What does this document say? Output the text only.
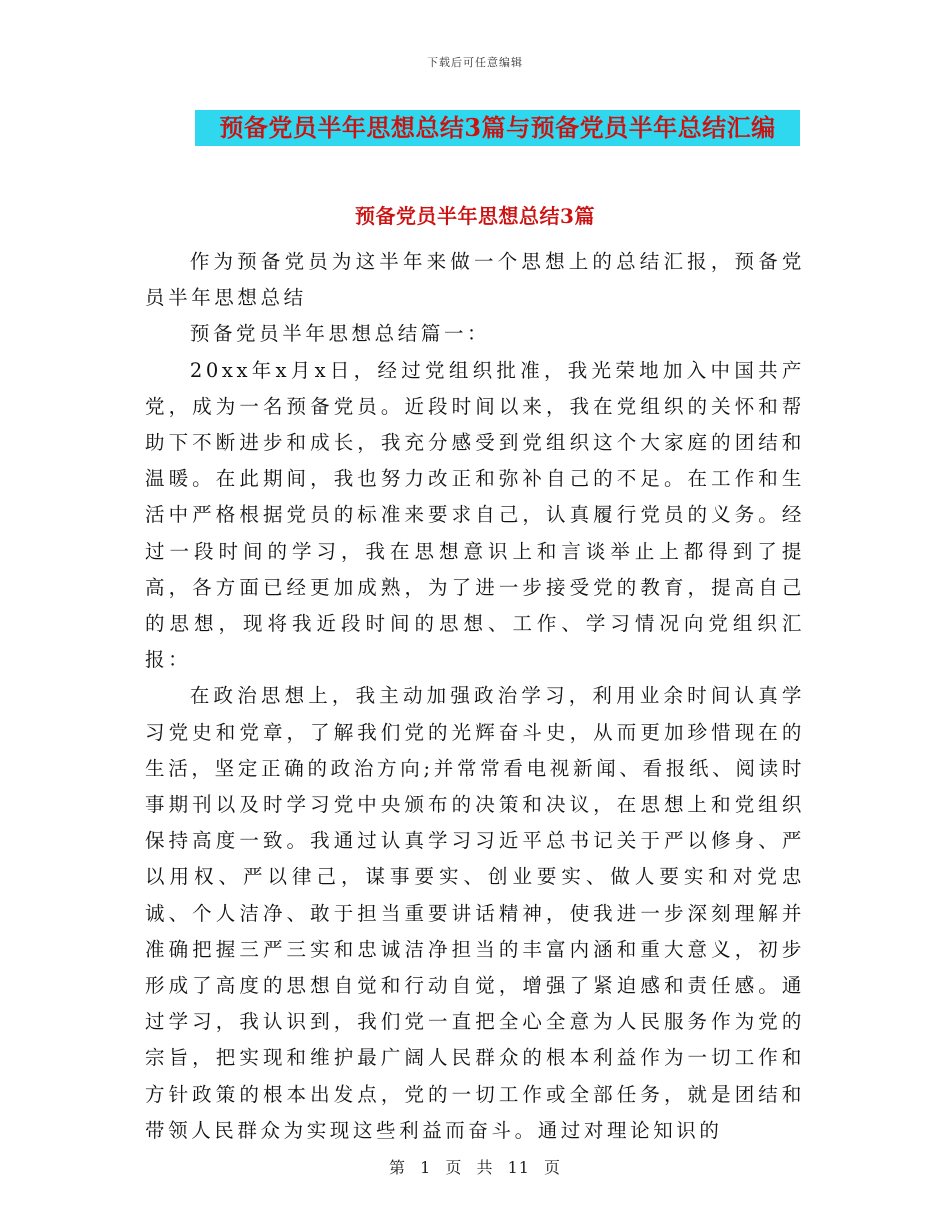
下载后可任意编辑
预备党员半年思想总结3篇与预备党员半年总结汇编
预备党员半年思想总结3篇

作为预备党员为这半年来做一个思想上的总结汇报，预备党员半年思想总结

预备党员半年思想总结篇一：

20xx年x月x日，经过党组织批准，我光荣地加入中国共产党，成为一名预备党员。近段时间以来，我在党组织的关怀和帮助下不断进步和成长，我充分感受到党组织这个大家庭的团结和温暖。在此期间，我也努力改正和弥补自己的不足。在工作和生活中严格根据党员的标准来要求自己，认真履行党员的义务。经过一段时间的学习，我在思想意识上和言谈举止上都得到了提高，各方面已经更加成熟，为了进一步接受党的教育，提高自己的思想，现将我近段时间的思想、工作、学习情况向党组织汇报：

在政治思想上，我主动加强政治学习，利用业余时间认真学习党史和党章，了解我们党的光辉奋斗史，从而更加珍惜现在的生活，坚定正确的政治方向;并常常看电视新闻、看报纸、阅读时事期刊以及时学习党中央颁布的决策和决议，在思想上和党组织保持高度一致。我通过认真学习习近平总书记关于严以修身、严以用权、严以律己，谋事要实、创业要实、做人要实和对党忠诚、个人洁净、敢于担当重要讲话精神，使我进一步深刻理解并准确把握三严三实和忠诚洁净担当的丰富内涵和重大意义，初步形成了高度的思想自觉和行动自觉，增强了紧迫感和责任感。通过学习，我认识到，我们党一直把全心全意为人民服务作为党的宗旨，把实现和维护最广阔人民群众的根本利益作为一切工作和方针政策的根本出发点，党的一切工作或全部任务，就是团结和带领人民群众为实现这些利益而奋斗。通过对理论知识的

第 1 页 共 11 页
